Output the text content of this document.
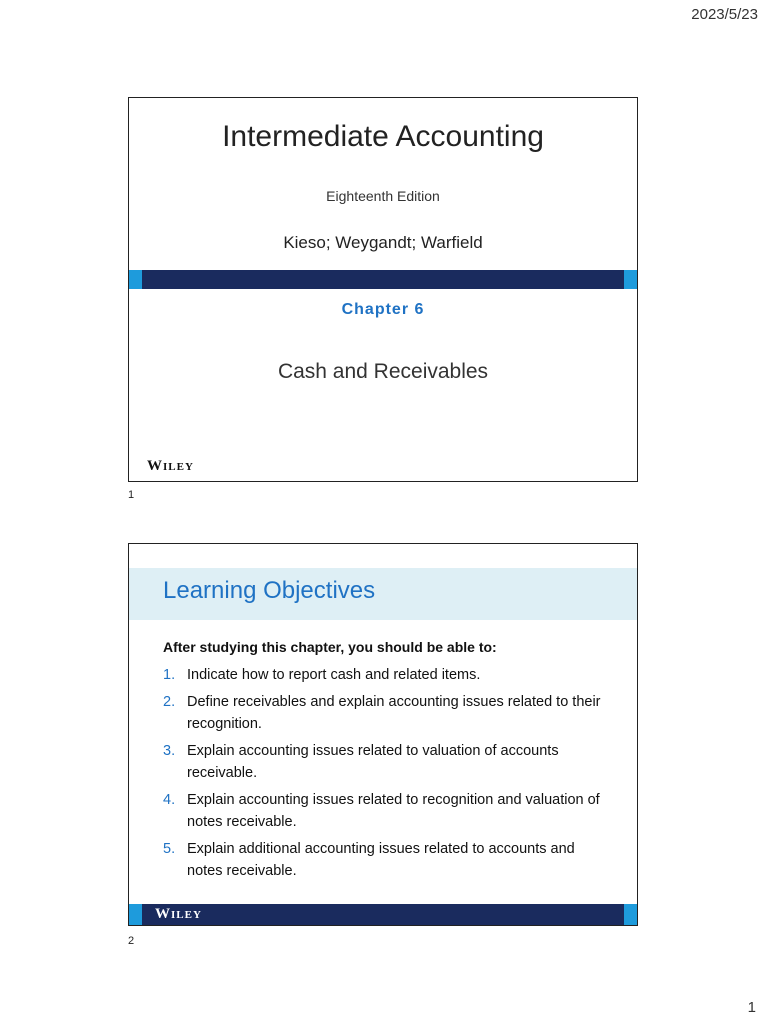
2023/5/23
Intermediate Accounting
Eighteenth Edition
Kieso; Weygandt; Warfield
Chapter 6
Cash and Receivables
Wiley
1
Learning Objectives
After studying this chapter, you should be able to:
1. Indicate how to report cash and related items.
2. Define receivables and explain accounting issues related to their recognition.
3. Explain accounting issues related to valuation of accounts receivable.
4. Explain accounting issues related to recognition and valuation of notes receivable.
5. Explain additional accounting issues related to accounts and notes receivable.
Wiley
2
1
